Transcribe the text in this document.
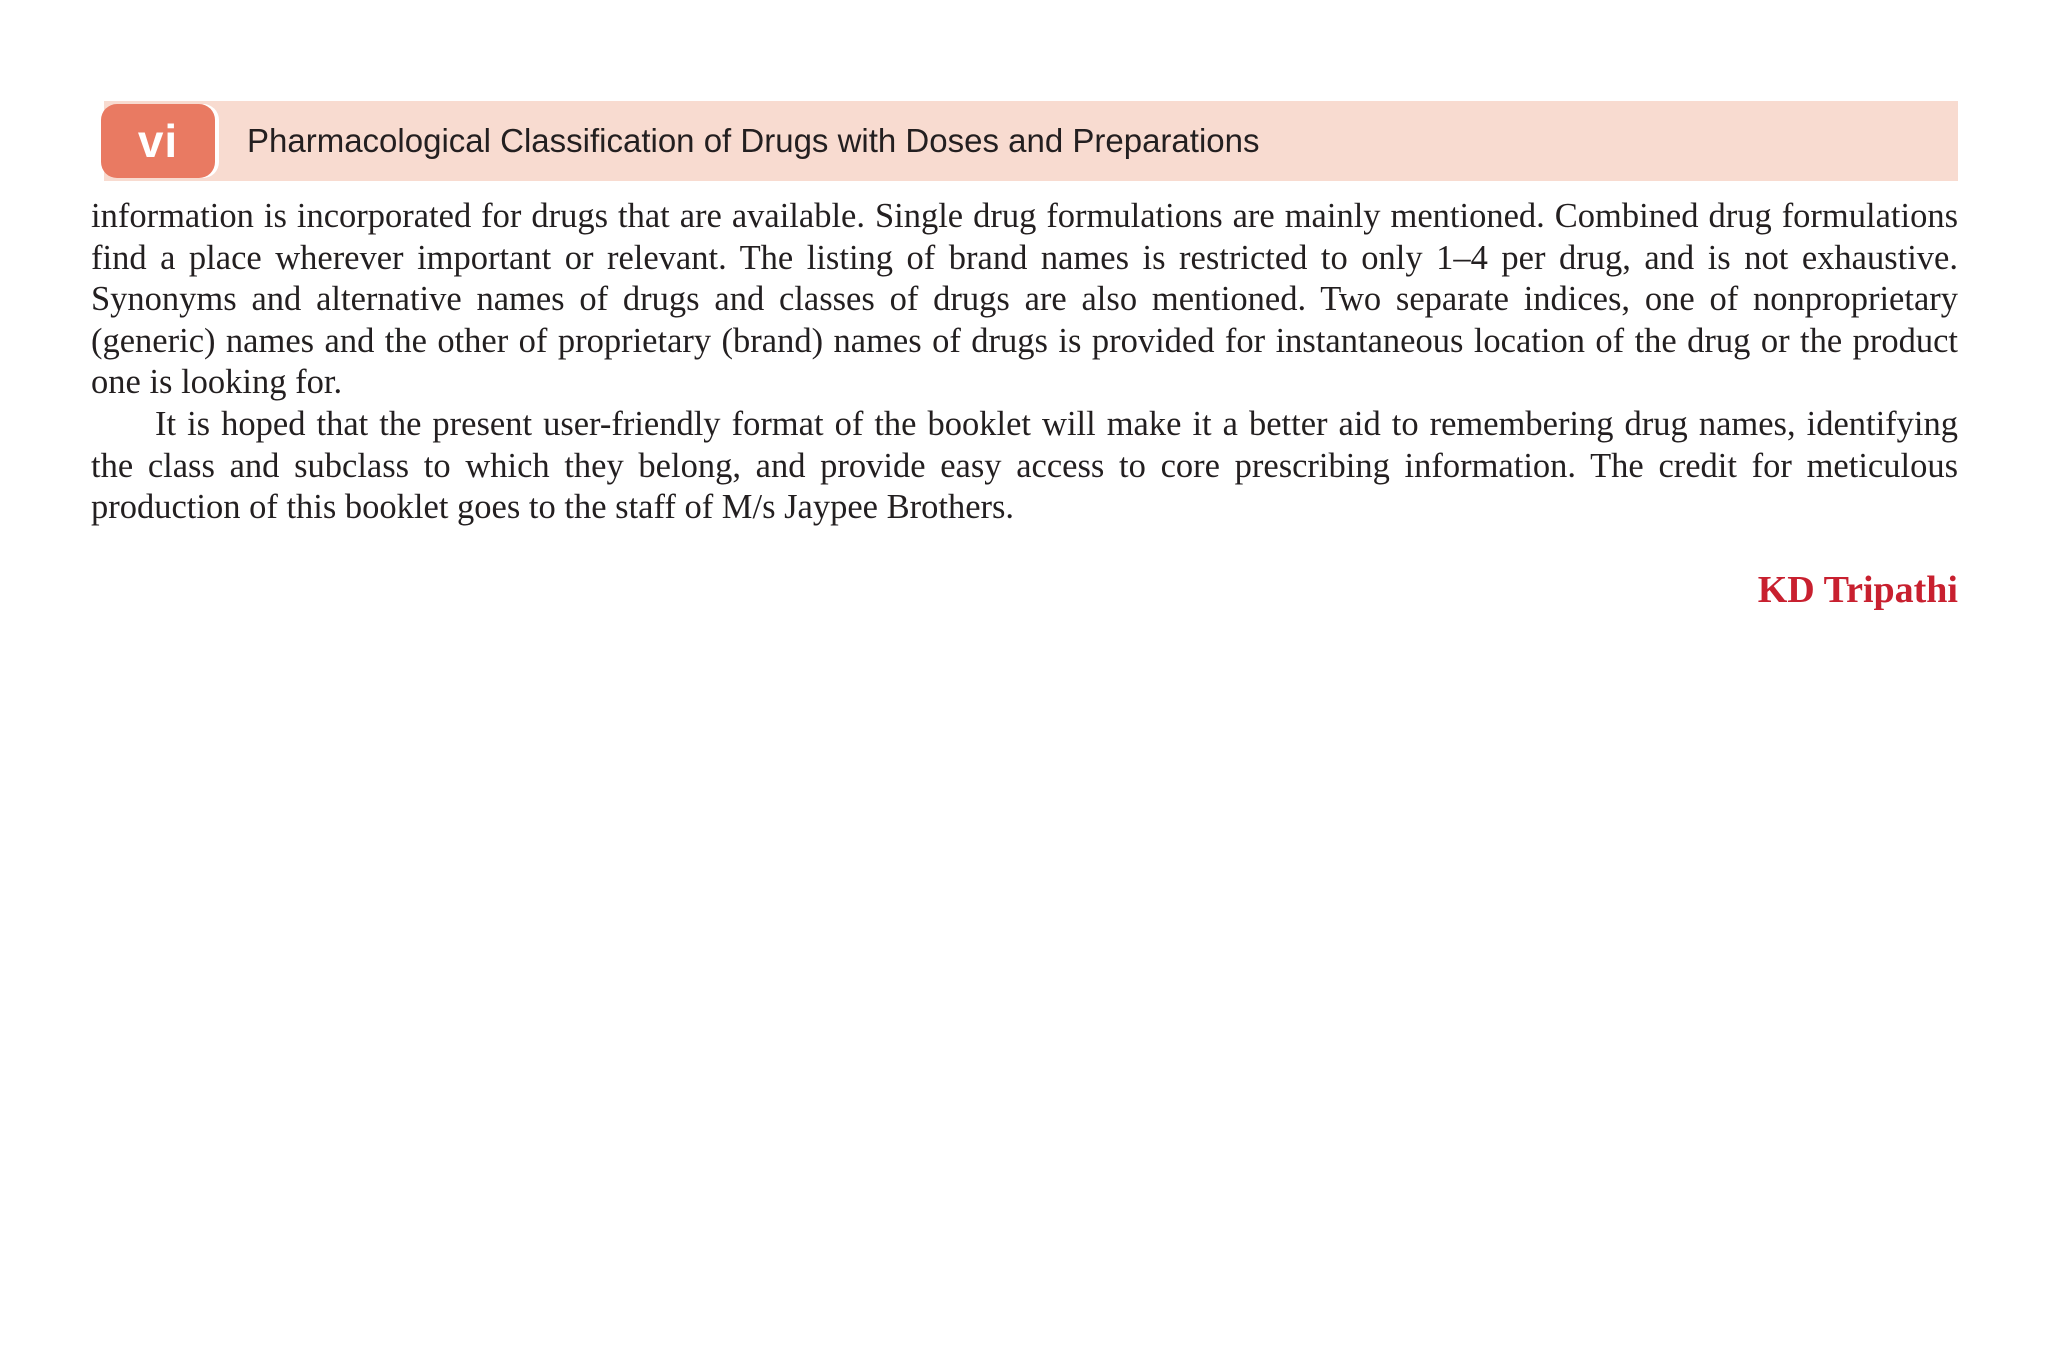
vi	Pharmacological Classification of Drugs with Doses and Preparations

information is incorporated for drugs that are available. Single drug formulations are mainly mentioned. Combined drug formulations find a place wherever important or relevant. The listing of brand names is restricted to only 1–4 per drug, and is not exhaustive. Synonyms and alternative names of drugs and classes of drugs are also mentioned. Two separate indices, one of nonproprietary (generic) names and the other of proprietary (brand) names of drugs is provided for instantaneous location of the drug or the product one is looking for.

It is hoped that the present user-friendly format of the booklet will make it a better aid to remembering drug names, identifying the class and subclass to which they belong, and provide easy access to core prescribing information. The credit for meticulous production of this booklet goes to the staff of M/s Jaypee Brothers.

KD Tripathi
